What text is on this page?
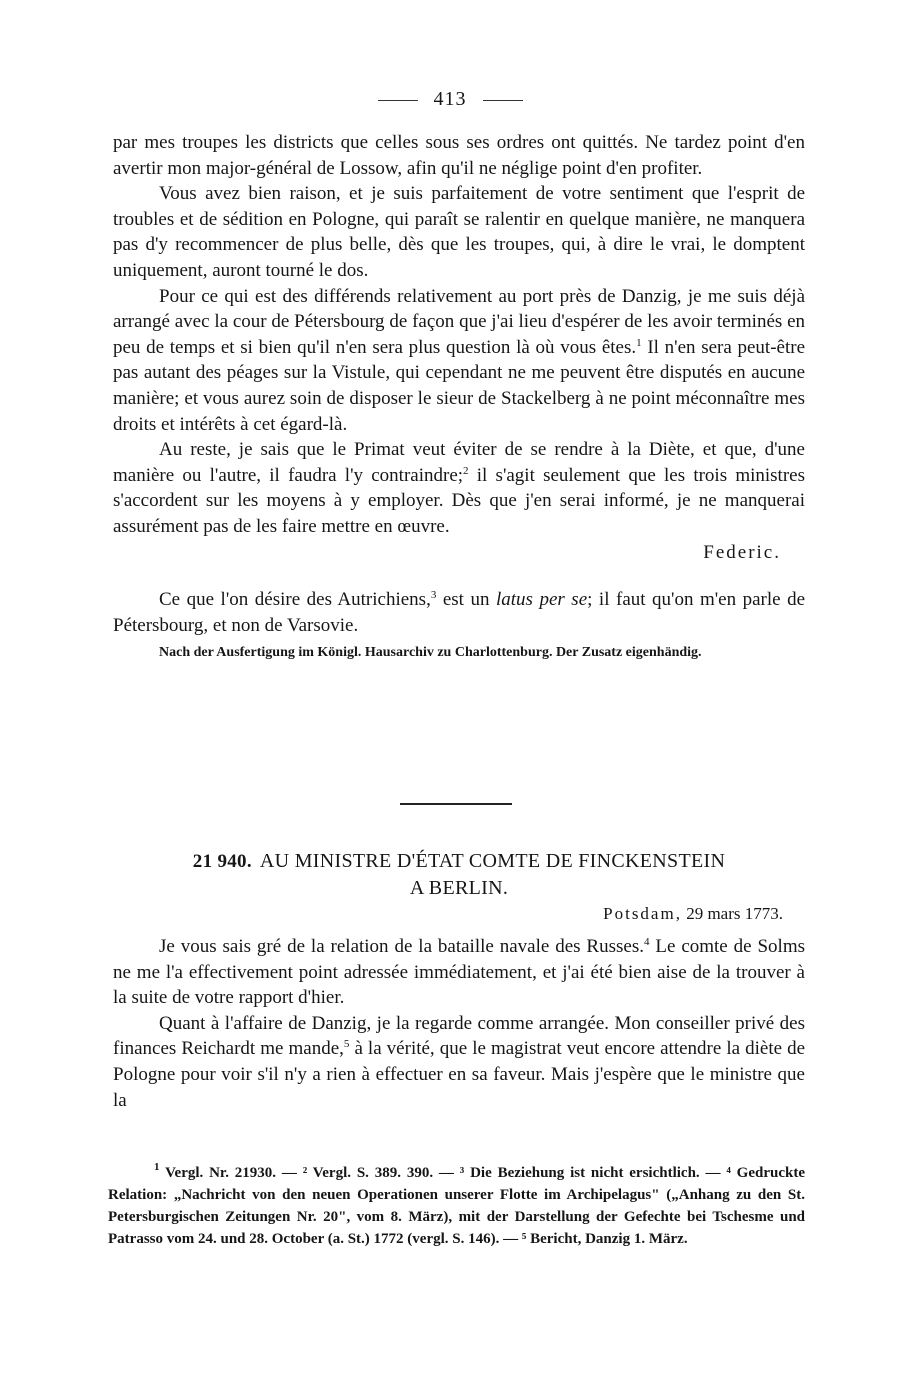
413

par mes troupes les districts que celles sous ses ordres ont quittés. Ne tardez point d'en avertir mon major-général de Lossow, afin qu'il ne néglige point d'en profiter.

Vous avez bien raison, et je suis parfaitement de votre sentiment que l'esprit de troubles et de sédition en Pologne, qui paraît se ralentir en quelque manière, ne manquera pas d'y recommencer de plus belle, dès que les troupes, qui, à dire le vrai, le domptent uniquement, auront tourné le dos.

Pour ce qui est des différends relativement au port près de Danzig, je me suis déjà arrangé avec la cour de Pétersbourg de façon que j'ai lieu d'espérer de les avoir terminés en peu de temps et si bien qu'il n'en sera plus question là où vous êtes.$^1$ Il n'en sera peut-être pas autant des péages sur la Vistule, qui cependant ne me peuvent être disputés en aucune manière; et vous aurez soin de disposer le sieur de Stackelberg à ne point méconnaître mes droits et intérêts à cet égard-là.

Au reste, je sais que le Primat veut éviter de se rendre à la Diète, et que, d'une manière ou l'autre, il faudra l'y contraindre;$^2$ il s'agit seulement que les trois ministres s'accordent sur les moyens à y employer. Dès que j'en serai informé, je ne manquerai assurément pas de les faire mettre en œuvre.

Federic.

Ce que l'on désire des Autrichiens,$^3$ est un latus per se; il faut qu'on m'en parle de Pétersbourg, et non de Varsovie.

Nach der Ausfertigung im Königl. Hausarchiv zu Charlottenburg. Der Zusatz eigenhändig.

21 940. AU MINISTRE D'ÉTAT COMTE DE FINCKENSTEIN
A BERLIN.
Potsdam, 29 mars 1773.

Je vous sais gré de la relation de la bataille navale des Russes.$^4$ Le comte de Solms ne me l'a effectivement point adressée immédiatement, et j'ai été bien aise de la trouver à la suite de votre rapport d'hier.

Quant à l'affaire de Danzig, je la regarde comme arrangée. Mon conseiller privé des finances Reichardt me mande,$^5$ à la vérité, que le magistrat veut encore attendre la diète de Pologne pour voir s'il n'y a rien à effectuer en sa faveur. Mais j'espère que le ministre que la

$^1$ Vergl. Nr. 21930. — ² Vergl. S. 389. 390. — ³ Die Beziehung ist nicht ersichtlich. — ⁴ Gedruckte Relation: „Nachricht von den neuen Operationen unserer Flotte im Archipelagus" („Anhang zu den St. Petersburgischen Zeitungen Nr. 20", vom 8. März), mit der Darstellung der Gefechte bei Tschesme und Patrasso vom 24. und 28. October (a. St.) 1772 (vergl. S. 146). — ⁵ Bericht, Danzig 1. März.
